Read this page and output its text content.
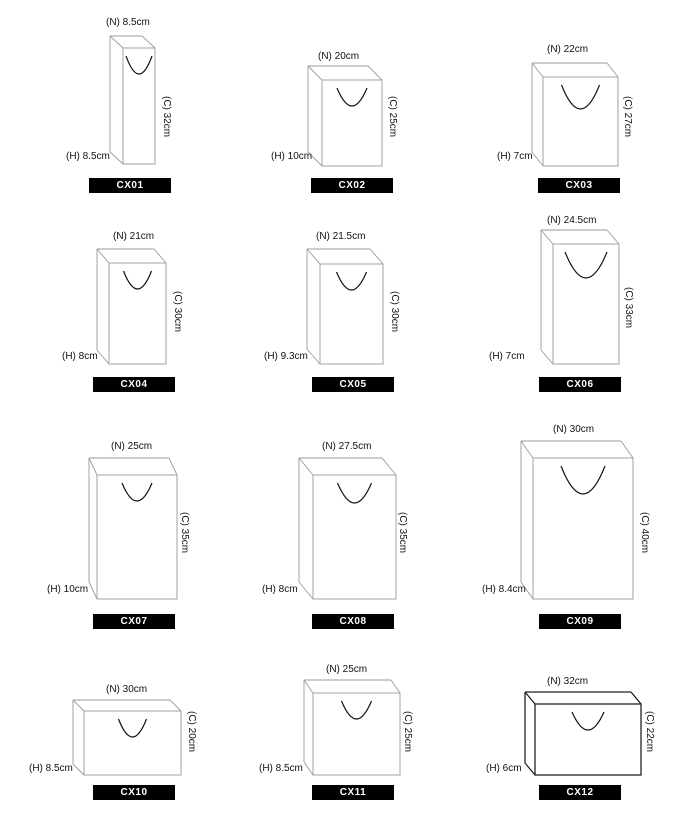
(N) 8.5cm
(C) 32cm
(H) 8.5cm
CX01
(N) 20cm
(C) 25cm
(H) 10cm
CX02
(N) 22cm
(C) 27cm
(H) 7cm
CX03
(N) 21cm
(C) 30cm
(H) 8cm
CX04
(N) 21.5cm
(C) 30cm
(H) 9.3cm
CX05
(N) 24.5cm
(C) 33cm
(H) 7cm
CX06
(N) 25cm
(C) 35cm
(H) 10cm
CX07
(N) 27.5cm
(C) 35cm
(H) 8cm
CX08
(N) 30cm
(C) 40cm
(H) 8.4cm
CX09
(N) 30cm
(C) 20cm
(H) 8.5cm
CX10
(N) 25cm
(C) 25cm
(H) 8.5cm
CX11
(N) 32cm
(C) 22cm
(H) 6cm
CX12
